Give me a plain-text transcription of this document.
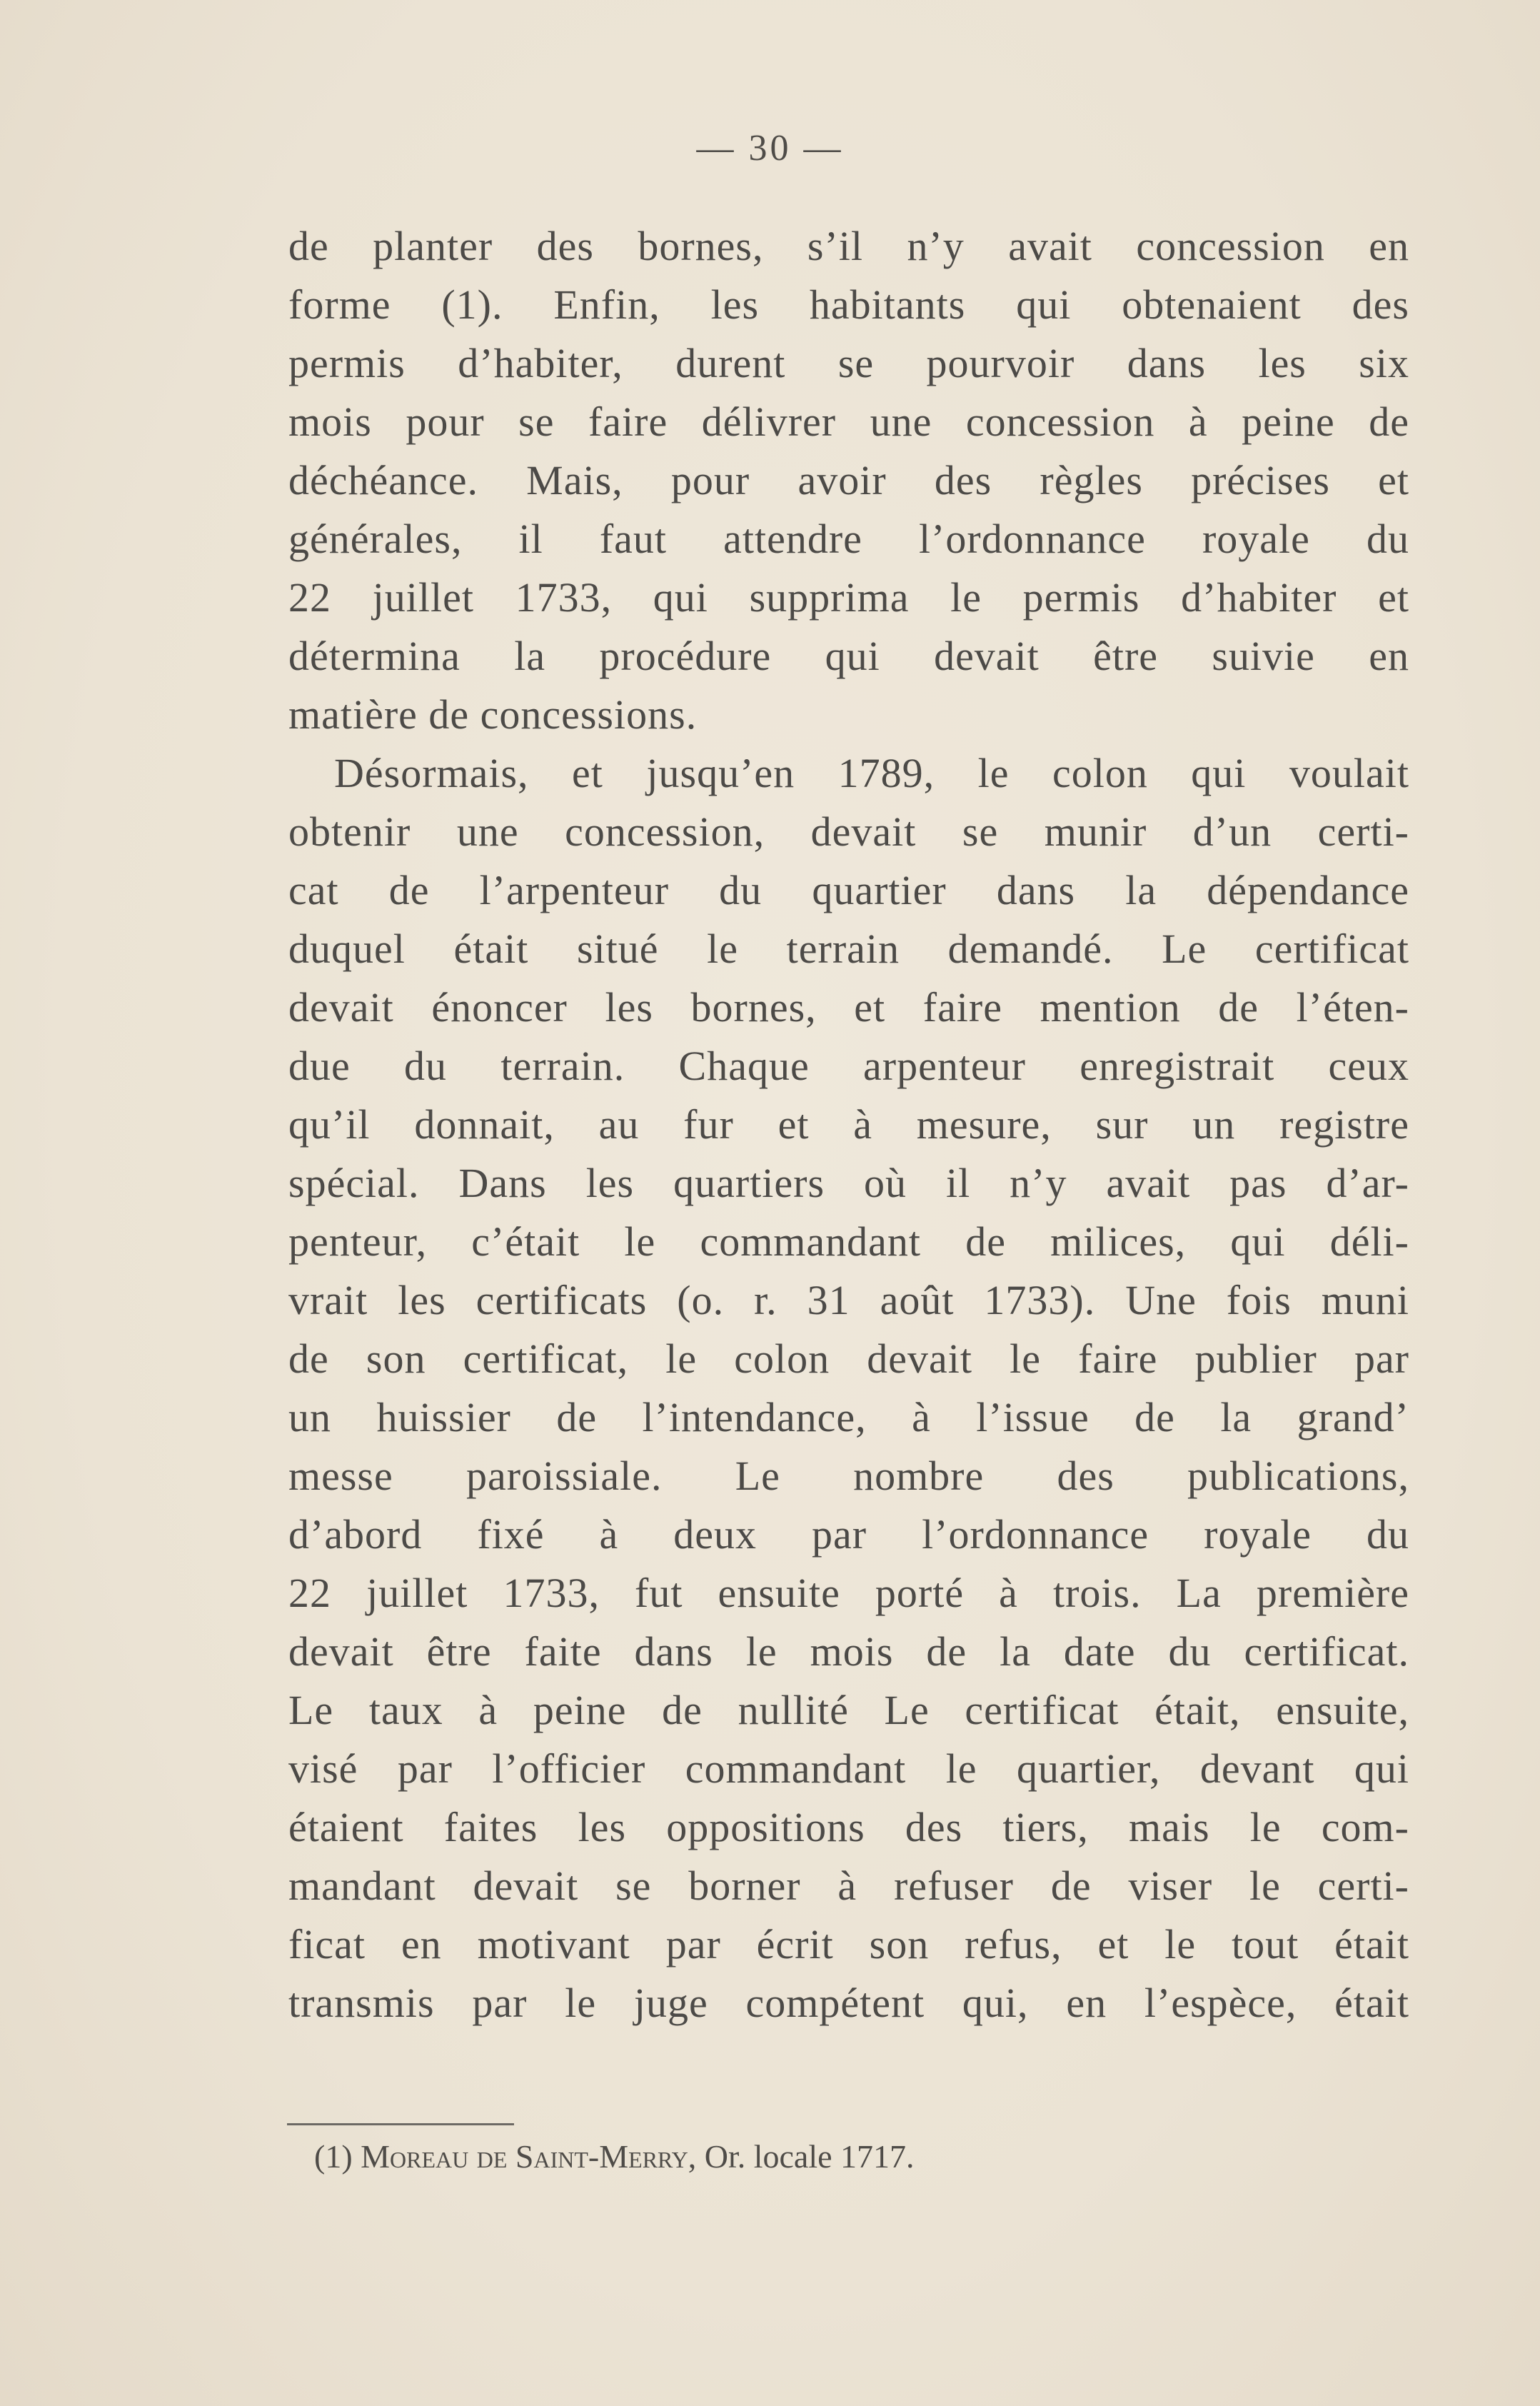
— 30 —
de planter des bornes, s’il n’y avait concession en
forme (1). Enfin, les habitants qui obtenaient des
permis d’habiter, durent se pourvoir dans les six
mois pour se faire délivrer une concession à peine de
déchéance. Mais, pour avoir des règles précises et
générales, il faut attendre l’ordonnance royale du
22 juillet 1733, qui supprima le permis d’habiter et
détermina la procédure qui devait être suivie en
matière de concessions.
Désormais, et jusqu’en 1789, le colon qui voulait
obtenir une concession, devait se munir d’un certi-
cat de l’arpenteur du quartier dans la dépendance
duquel était situé le terrain demandé. Le certificat
devait énoncer les bornes, et faire mention de l’éten-
due du terrain. Chaque arpenteur enregistrait ceux
qu’il donnait, au fur et à mesure, sur un registre
spécial. Dans les quartiers où il n’y avait pas d’ar-
penteur, c’était le commandant de milices, qui déli-
vrait les certificats (o. r. 31 août 1733). Une fois muni
de son certificat, le colon devait le faire publier par
un huissier de l’intendance, à l’issue de la grand’
messe paroissiale. Le nombre des publications,
d’abord fixé à deux par l’ordonnance royale du
22 juillet 1733, fut ensuite porté à trois. La première
devait être faite dans le mois de la date du certificat.
Le taux à peine de nullité Le certificat était, ensuite,
visé par l’officier commandant le quartier, devant qui
étaient faites les oppositions des tiers, mais le com-
mandant devait se borner à refuser de viser le certi-
ficat en motivant par écrit son refus, et le tout était
transmis par le juge compétent qui, en l’espèce, était
(1) Moreau de Saint-Merry, Or. locale 1717.
